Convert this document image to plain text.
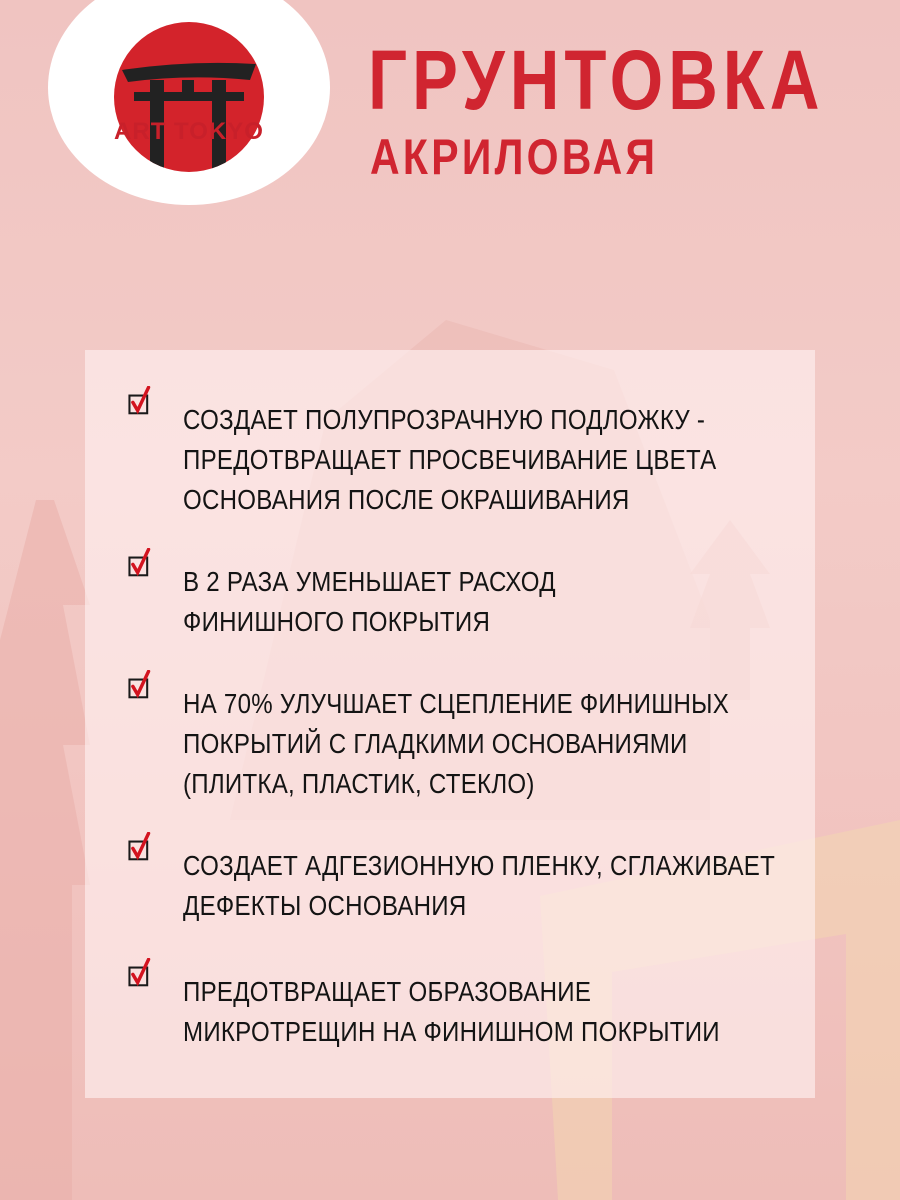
ART TOKYO
ГРУНТОВКА
АКРИЛОВАЯ
СОЗДАЕТ ПОЛУПРОЗРАЧНУЮ ПОДЛОЖКУ -
ПРЕДОТВРАЩАЕТ ПРОСВЕЧИВАНИЕ ЦВЕТА
ОСНОВАНИЯ ПОСЛЕ ОКРАШИВАНИЯ
В 2 РАЗА УМЕНЬШАЕТ РАСХОД
ФИНИШНОГО ПОКРЫТИЯ
НА 70% УЛУЧШАЕТ СЦЕПЛЕНИЕ ФИНИШНЫХ
ПОКРЫТИЙ С ГЛАДКИМИ ОСНОВАНИЯМИ
(ПЛИТКА, ПЛАСТИК, СТЕКЛО)
СОЗДАЕТ АДГЕЗИОННУЮ ПЛЕНКУ, СГЛАЖИВАЕТ
ДЕФЕКТЫ ОСНОВАНИЯ
ПРЕДОТВРАЩАЕТ ОБРАЗОВАНИЕ
МИКРОТРЕЩИН НА ФИНИШНОМ ПОКРЫТИИ
